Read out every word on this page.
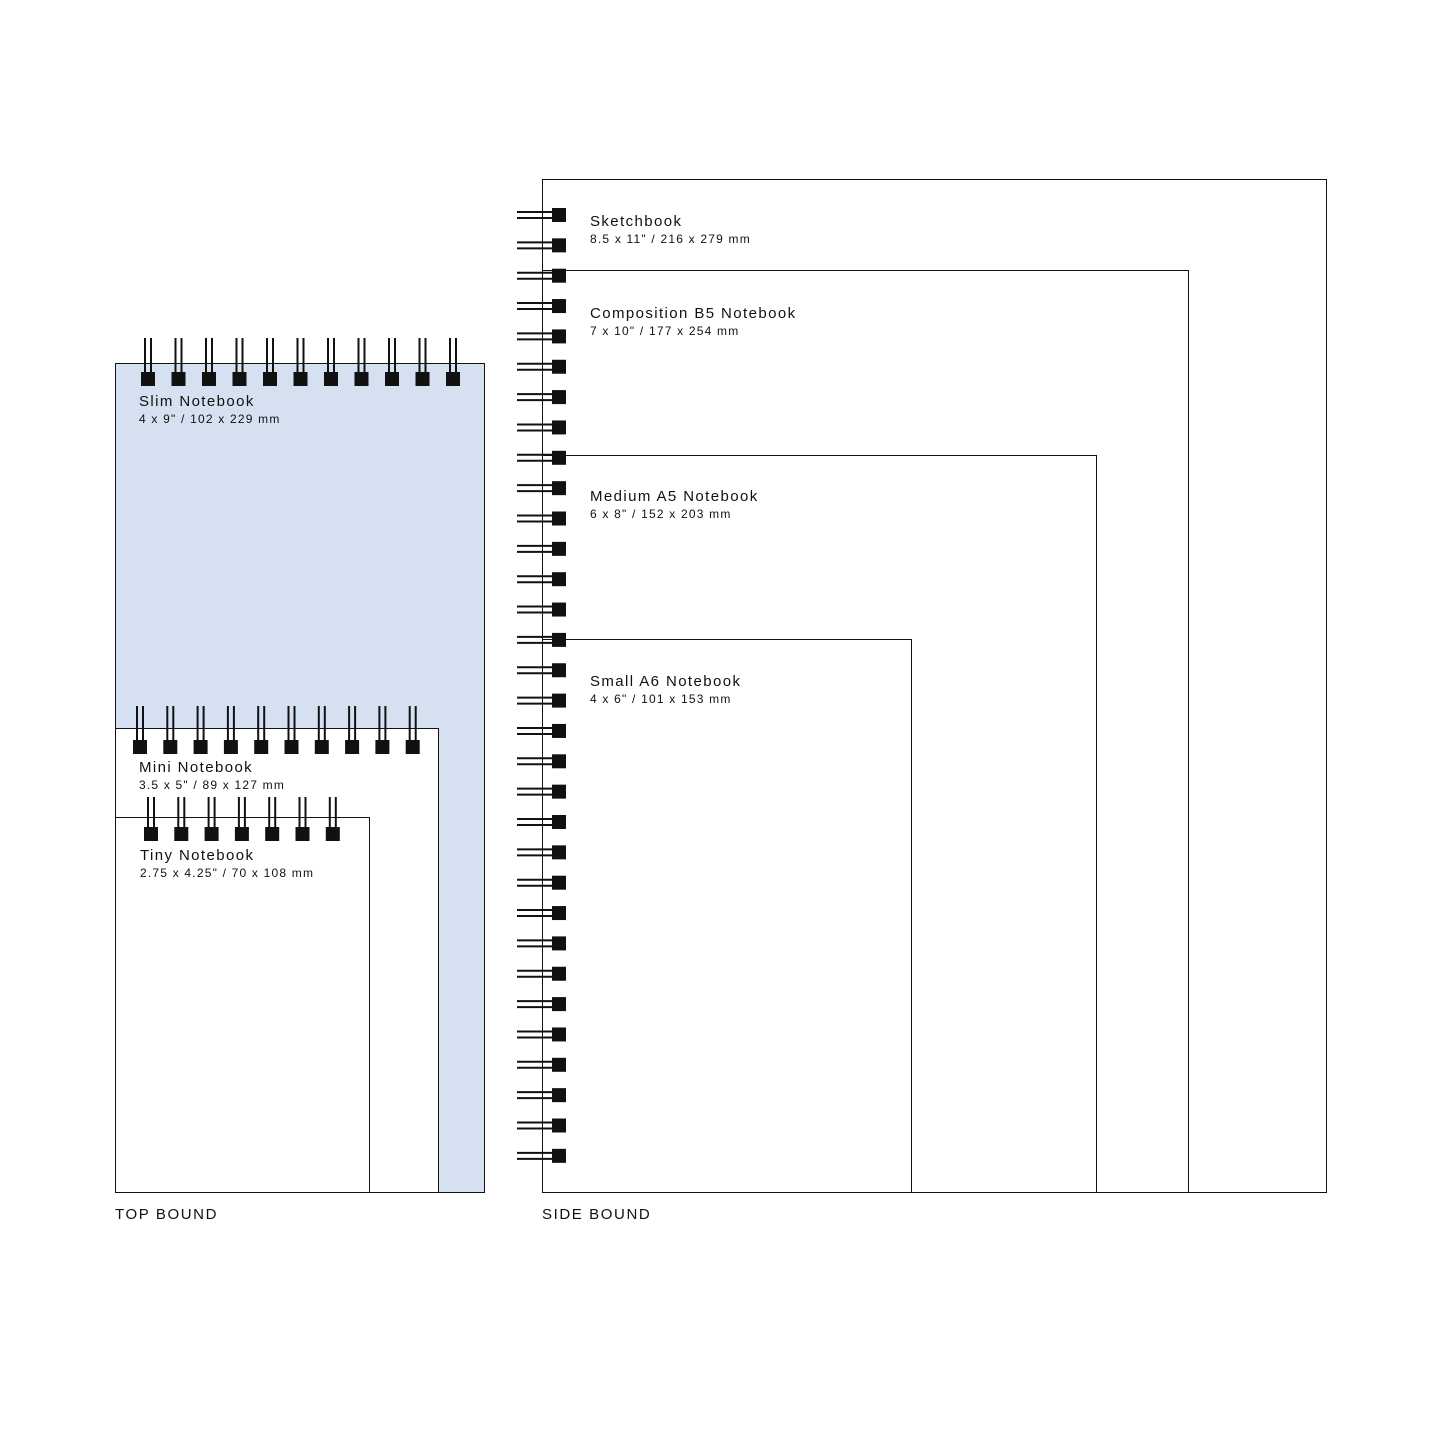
Slim Notebook
4 x 9" / 102 x 229 mm
Mini Notebook
3.5 x 5" / 89 x 127 mm
Tiny Notebook
2.75 x 4.25" / 70 x 108 mm
Sketchbook
8.5 x 11" / 216 x 279 mm
Composition B5 Notebook
7 x 10" / 177 x 254 mm
Medium A5 Notebook
6 x 8" / 152 x 203 mm
Small A6 Notebook
4 x 6" / 101 x 153 mm
TOP BOUND	SIDE BOUND
